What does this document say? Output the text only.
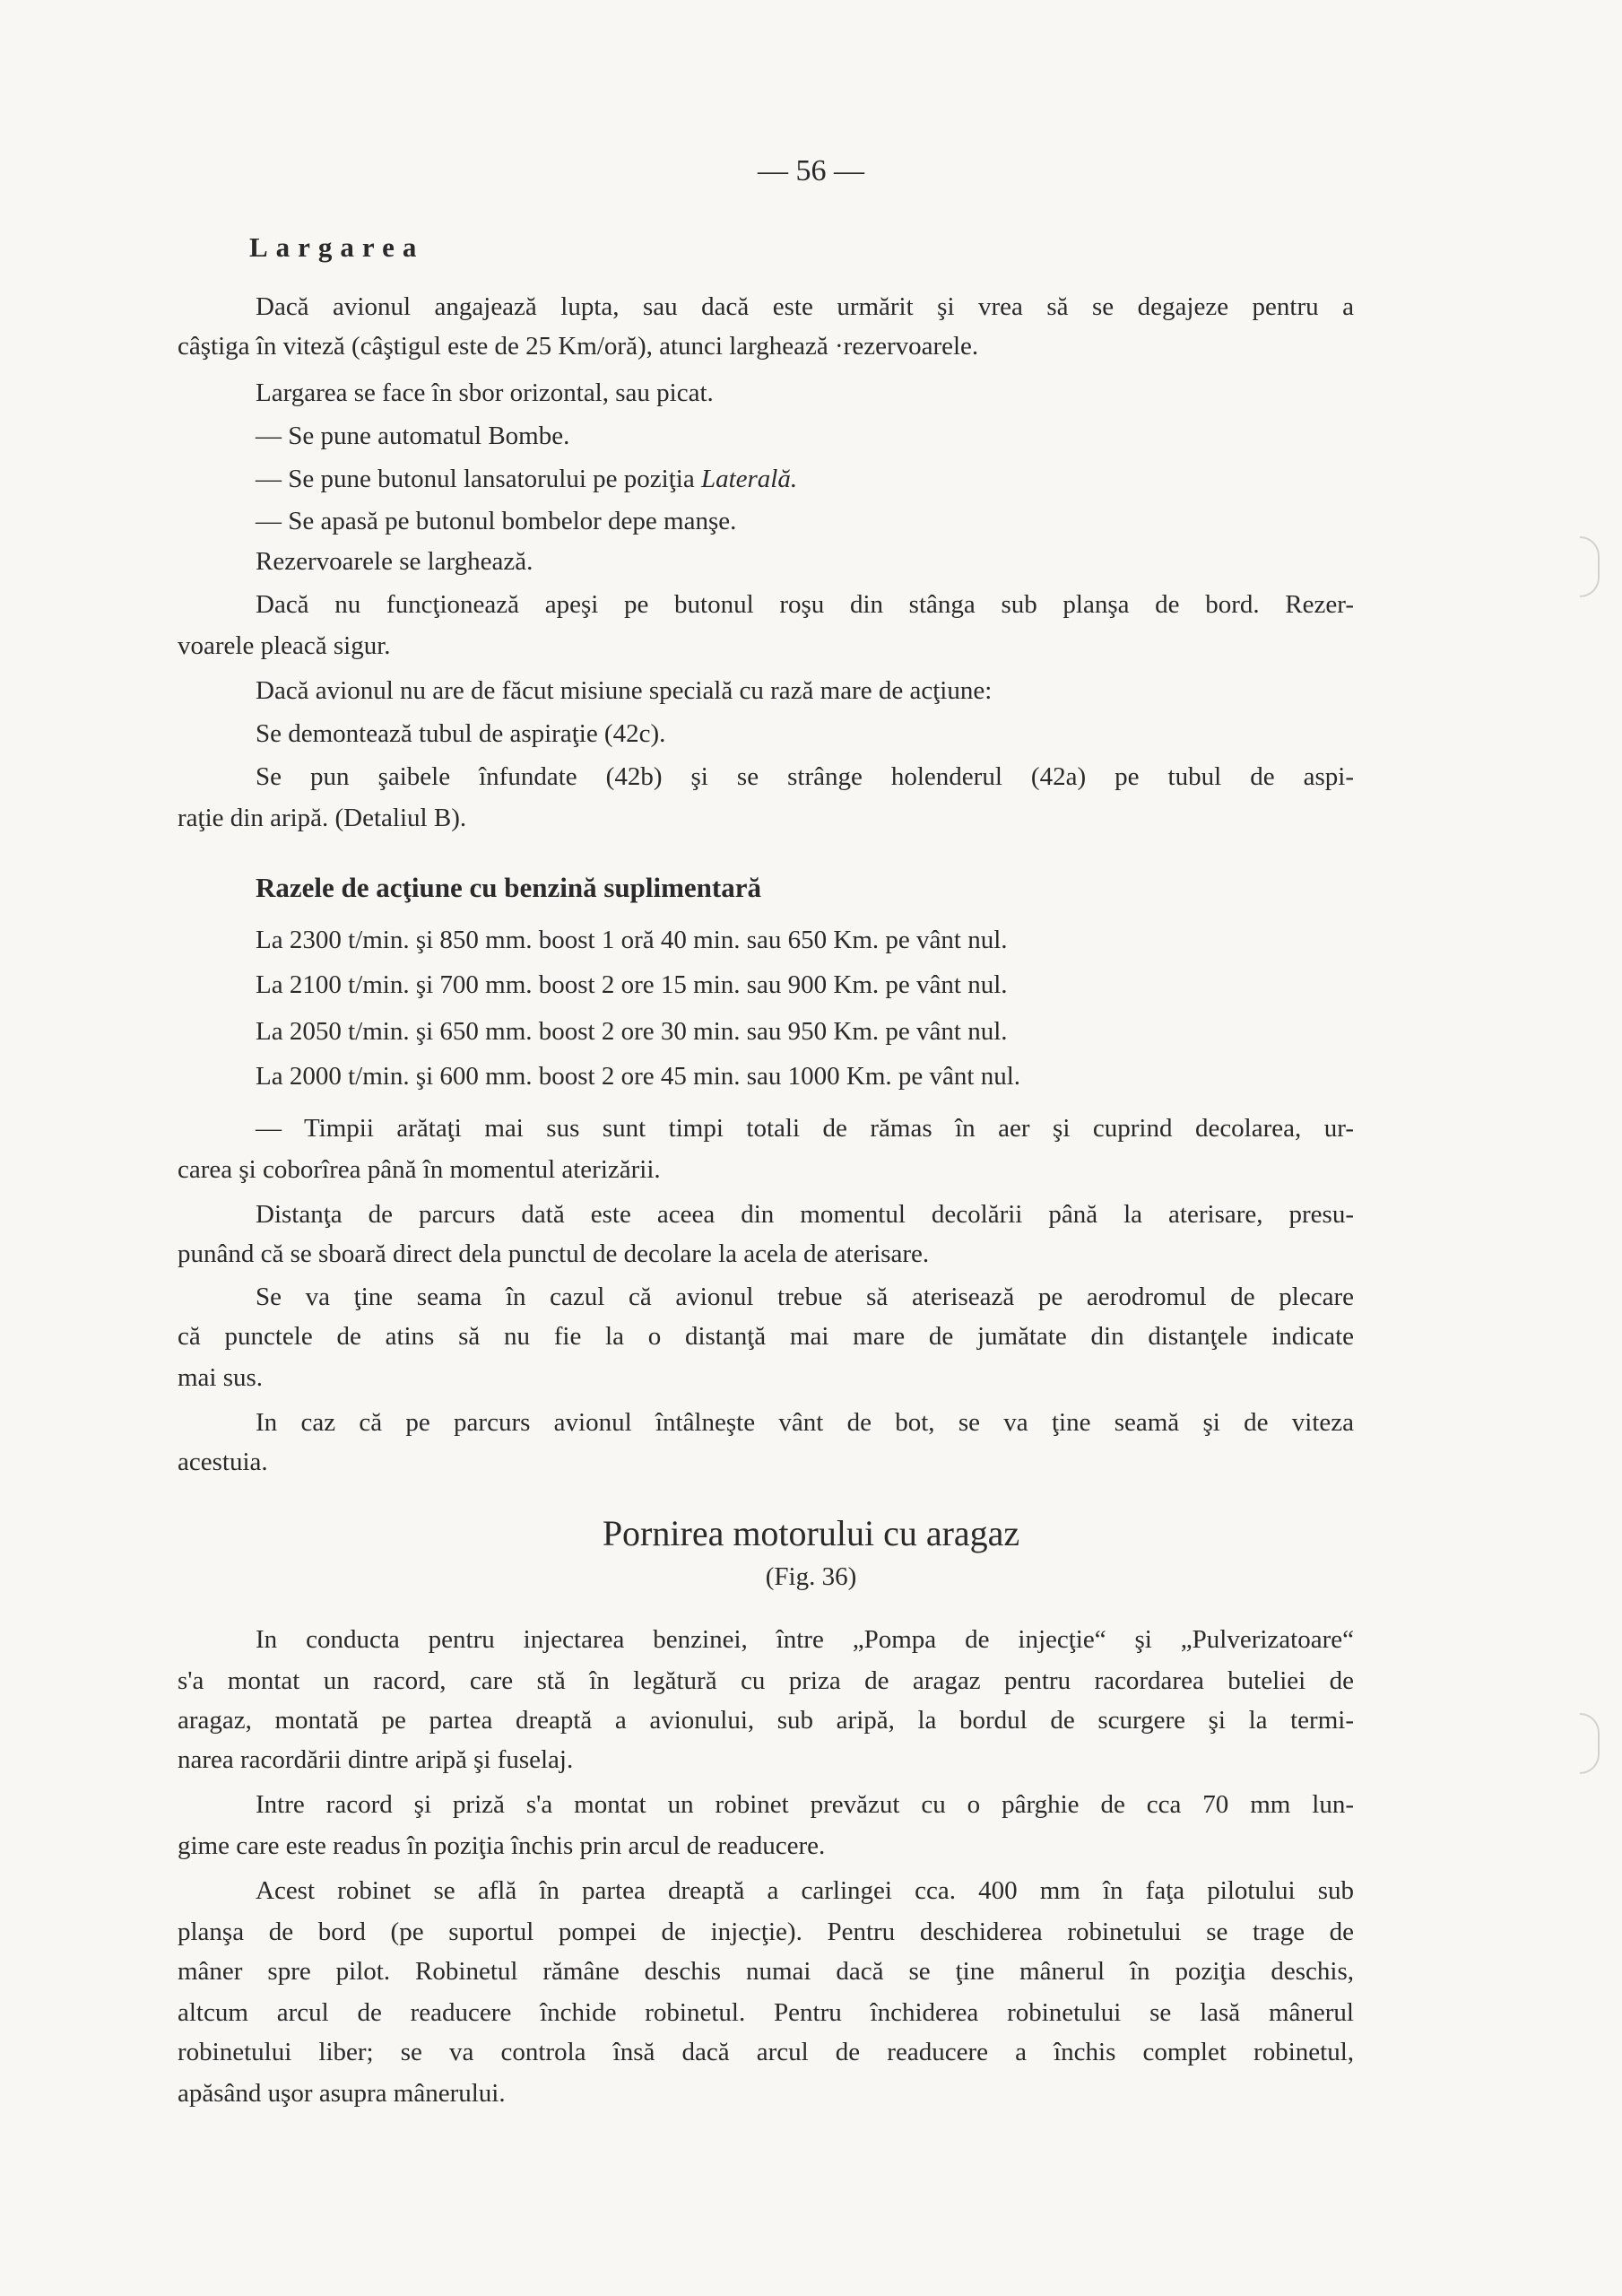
— 56 —
Largarea
Dacă avionul angajează lupta, sau dacă este urmărit şi vrea să se degajeze pentru a
câştiga în viteză (câştigul este de 25 Km/oră), atunci larghează ·rezervoarele.
Largarea se face în sbor orizontal, sau picat.
— Se pune automatul Bombe.
— Se pune butonul lansatorului pe poziţia Laterală.
— Se apasă pe butonul bombelor depe manşe.
Rezervoarele se larghează.
Dacă nu funcţionează apeşi pe butonul roşu din stânga sub planşa de bord. Rezer-
voarele pleacă sigur.
Dacă avionul nu are de făcut misiune specială cu rază mare de acţiune:
Se demontează tubul de aspiraţie (42c).
Se pun şaibele înfundate (42b) şi se strânge holenderul (42a) pe tubul de aspi-
raţie din aripă. (Detaliul B).
Razele de acţiune cu benzină suplimentară
La 2300 t/min. şi 850 mm. boost 1 oră 40 min. sau 650 Km. pe vânt nul.
La 2100 t/min. şi 700 mm. boost 2 ore 15 min. sau 900 Km. pe vânt nul.
La 2050 t/min. şi 650 mm. boost 2 ore 30 min. sau 950 Km. pe vânt nul.
La 2000 t/min. şi 600 mm. boost 2 ore 45 min. sau 1000 Km. pe vânt nul.
— Timpii arătaţi mai sus sunt timpi totali de rămas în aer şi cuprind decolarea, ur-
carea şi coborîrea până în momentul aterizării.
Distanţa de parcurs dată este aceea din momentul decolării până la aterisare, presu-
punând că se sboară direct dela punctul de decolare la acela de aterisare.
Se va ţine seama în cazul că avionul trebue să aterisează pe aerodromul de plecare
că punctele de atins să nu fie la o distanţă mai mare de jumătate din distanţele indicate
mai sus.
In caz că pe parcurs avionul întâlneşte vânt de bot, se va ţine seamă şi de viteza
acestuia.
Pornirea motorului cu aragaz
(Fig. 36)
In conducta pentru injectarea benzinei, între „Pompa de injecţie“ şi „Pulverizatoare“
s'a montat un racord, care stă în legătură cu priza de aragaz pentru racordarea buteliei de
aragaz, montată pe partea dreaptă a avionului, sub aripă, la bordul de scurgere şi la termi-
narea racordării dintre aripă şi fuselaj.
Intre racord şi priză s'a montat un robinet prevăzut cu o pârghie de cca 70 mm lun-
gime care este readus în poziţia închis prin arcul de readucere.
Acest robinet se află în partea dreaptă a carlingei cca. 400 mm în faţa pilotului sub
planşa de bord (pe suportul pompei de injecţie). Pentru deschiderea robinetului se trage de
mâner spre pilot. Robinetul rămâne deschis numai dacă se ţine mânerul în poziţia deschis,
altcum arcul de readucere închide robinetul. Pentru închiderea robinetului se lasă mânerul
robinetului liber; se va controla însă dacă arcul de readucere a închis complet robinetul,
apăsând uşor asupra mânerului.
